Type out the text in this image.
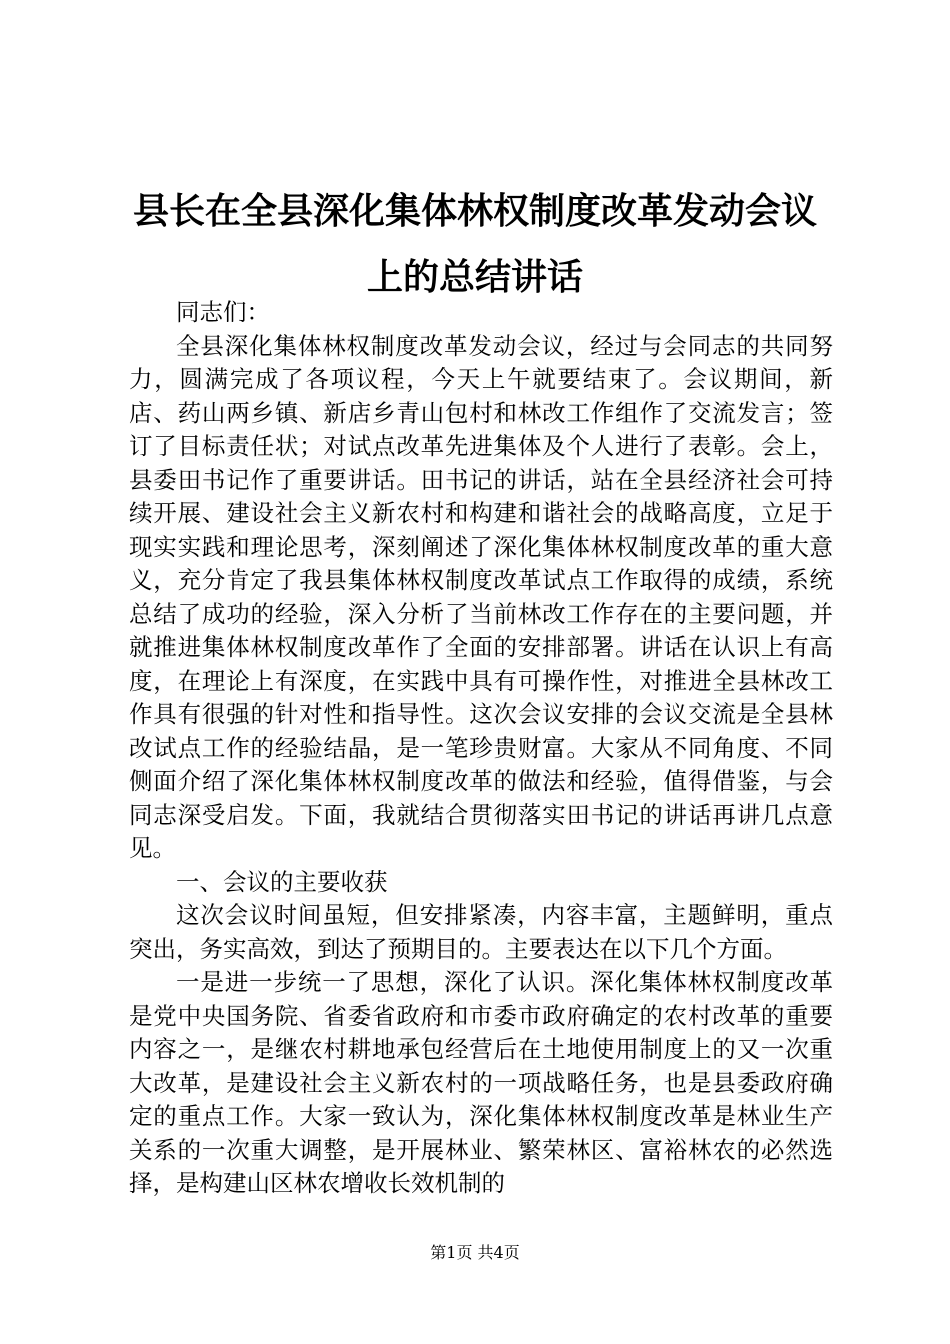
县长在全县深化集体林权制度改革发动会议上的总结讲话

同志们：

全县深化集体林权制度改革发动会议，经过与会同志的共同努力，圆满完成了各项议程，今天上午就要结束了。会议期间，新店、药山两乡镇、新店乡青山包村和林改工作组作了交流发言；签订了目标责任状；对试点改革先进集体及个人进行了表彰。会上，县委田书记作了重要讲话。田书记的讲话，站在全县经济社会可持续开展、建设社会主义新农村和构建和谐社会的战略高度，立足于现实实践和理论思考，深刻阐述了深化集体林权制度改革的重大意义，充分肯定了我县集体林权制度改革试点工作取得的成绩，系统总结了成功的经验，深入分析了当前林改工作存在的主要问题，并就推进集体林权制度改革作了全面的安排部署。讲话在认识上有高度，在理论上有深度，在实践中具有可操作性，对推进全县林改工作具有很强的针对性和指导性。这次会议安排的会议交流是全县林改试点工作的经验结晶，是一笔珍贵财富。大家从不同角度、不同侧面介绍了深化集体林权制度改革的做法和经验，值得借鉴，与会同志深受启发。下面，我就结合贯彻落实田书记的讲话再讲几点意见。

一、会议的主要收获

这次会议时间虽短，但安排紧凑，内容丰富，主题鲜明，重点突出，务实高效，到达了预期目的。主要表达在以下几个方面。

一是进一步统一了思想，深化了认识。深化集体林权制度改革是党中央国务院、省委省政府和市委市政府确定的农村改革的重要内容之一，是继农村耕地承包经营后在土地使用制度上的又一次重大改革，是建设社会主义新农村的一项战略任务，也是县委政府确定的重点工作。大家一致认为，深化集体林权制度改革是林业生产关系的一次重大调整，是开展林业、繁荣林区、富裕林农的必然选择，是构建山区林农增收长效机制的

第1页 共4页
